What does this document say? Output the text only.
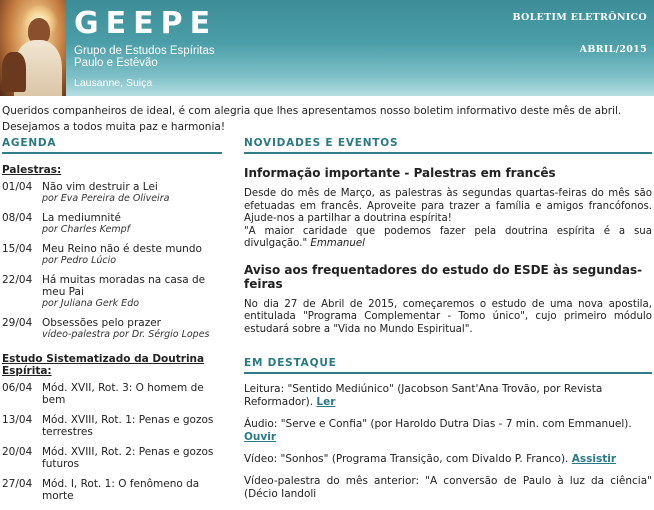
GEEPE
Grupo de Estudos Espíritas
Paulo e Estêvão
Lausanne, Suiça
BOLETIM ELETRÔNICO
ABRIL/2015
Queridos companheiros de ideal, é com alegria que lhes apresentamos nosso boletim informativo deste mês de abril.
Desejamos a todos muita paz e harmonia!
AGENDA
Palestras:
01/04 Não vim destruir a Lei
por Eva Pereira de Oliveira
08/04 La mediumnité
por Charles Kempf
15/04 Meu Reino não é deste mundo
por Pedro Lúcio
22/04 Há muitas moradas na casa de meu Pai
por Juliana Gerk Edo
29/04 Obsessões pelo prazer
vídeo-palestra por Dr. Sérgio Lopes
Estudo Sistematizado da Doutrina Espírita:
06/04 Mód. XVII, Rot. 3: O homem de bem
13/04 Mód. XVIII, Rot. 1: Penas e gozos terrestres
20/04 Mód. XVIII, Rot. 2: Penas e gozos futuros
27/04 Mód. I, Rot. 1: O fenômeno da morte
NOVIDADES E EVENTOS
Informação importante - Palestras em francês
Desde do mês de Março, as palestras às segundas quartas-feiras do mês são efetuadas em francês. Aproveite para trazer a família e amigos francófonos. Ajude-nos a partilhar a doutrina espírita!
"A maior caridade que podemos fazer pela doutrina espírita é a sua divulgação." Emmanuel
Aviso aos frequentadores do estudo do ESDE às segundas-feiras
No dia 27 de Abril de 2015, começaremos o estudo de uma nova apostila, entitulada "Programa Complementar - Tomo único", cujo primeiro módulo estudará sobre a "Vida no Mundo Espiritual".
EM DESTAQUE
Leitura: "Sentido Mediúnico" (Jacobson Sant'Ana Trovão, por Revista Reformador). Ler
Áudio: "Serve e Confia" (por Haroldo Dutra Dias - 7 min. com Emmanuel). Ouvir
Vídeo: "Sonhos" (Programa Transição, com Divaldo P. Franco). Assistir
Vídeo-palestra do mês anterior: "A conversão de Paulo à luz da ciência" (Décio Iandoli
